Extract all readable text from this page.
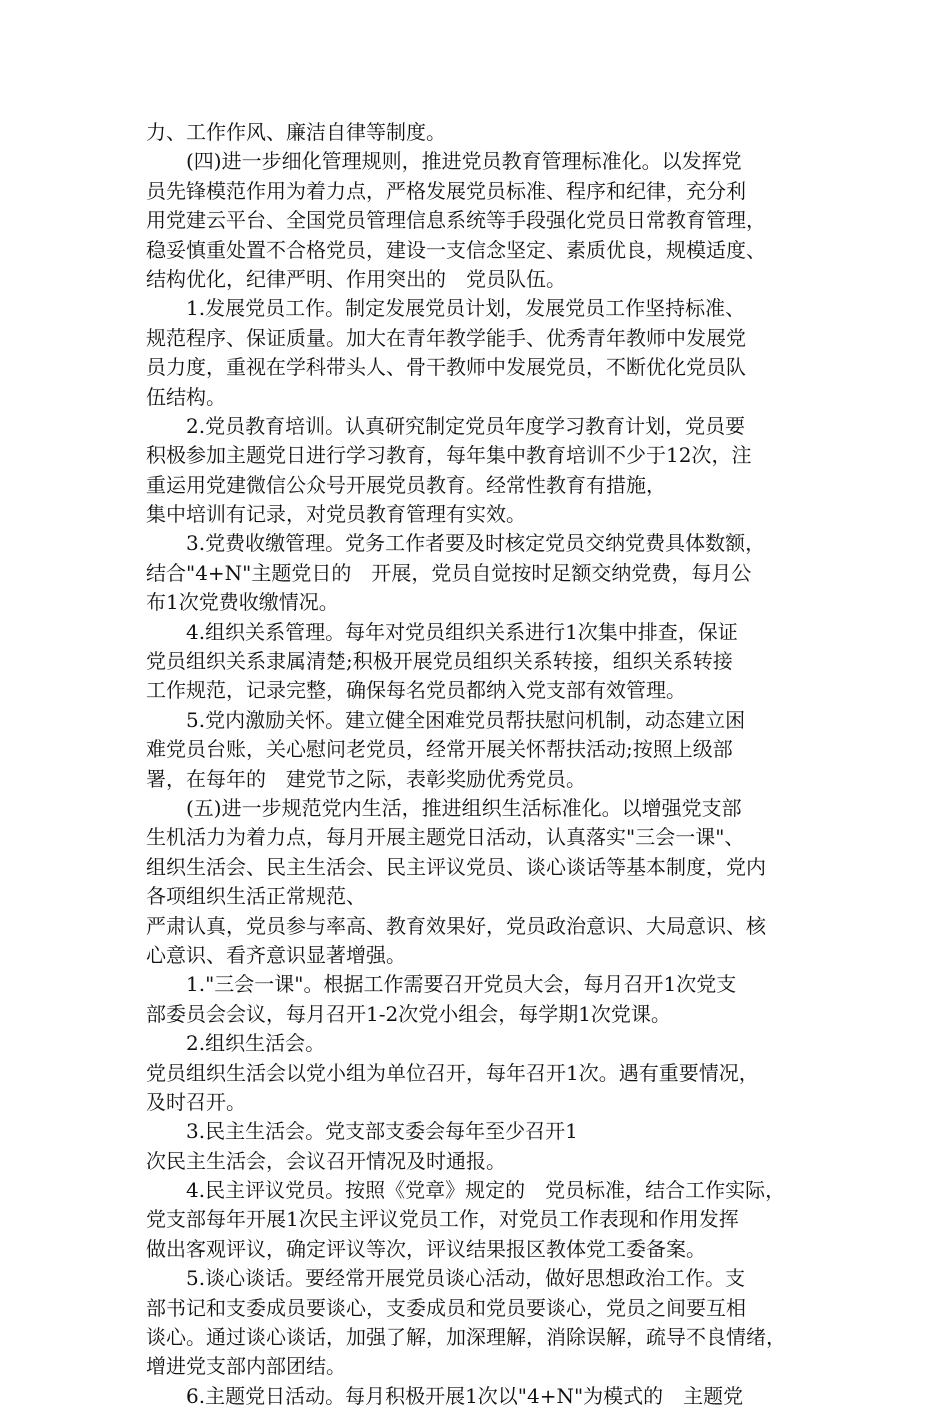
力、工作作风、廉洁自律等制度。
(四)进一步细化管理规则，推进党员教育管理标准化。以发挥党
员先锋模范作用为着力点，严格发展党员标准、程序和纪律，充分利
用党建云平台、全国党员管理信息系统等手段强化党员日常教育管理，
稳妥慎重处置不合格党员，建设一支信念坚定、素质优良，规模适度、
结构优化，纪律严明、作用突出的　党员队伍。
1.发展党员工作。制定发展党员计划，发展党员工作坚持标准、
规范程序、保证质量。加大在青年教学能手、优秀青年教师中发展党
员力度，重视在学科带头人、骨干教师中发展党员，不断优化党员队
伍结构。
2.党员教育培训。认真研究制定党员年度学习教育计划，党员要
积极参加主题党日进行学习教育，每年集中教育培训不少于12次，注
重运用党建微信公众号开展党员教育。经常性教育有措施，
集中培训有记录，对党员教育管理有实效。
3.党费收缴管理。党务工作者要及时核定党员交纳党费具体数额，
结合"4+N"主题党日的　开展，党员自觉按时足额交纳党费，每月公
布1次党费收缴情况。
4.组织关系管理。每年对党员组织关系进行1次集中排查，保证
党员组织关系隶属清楚;积极开展党员组织关系转接，组织关系转接
工作规范，记录完整，确保每名党员都纳入党支部有效管理。
5.党内激励关怀。建立健全困难党员帮扶慰问机制，动态建立困
难党员台账，关心慰问老党员，经常开展关怀帮扶活动;按照上级部
署，在每年的　建党节之际，表彰奖励优秀党员。
(五)进一步规范党内生活，推进组织生活标准化。以增强党支部
生机活力为着力点，每月开展主题党日活动，认真落实"三会一课"、
组织生活会、民主生活会、民主评议党员、谈心谈话等基本制度，党内
各项组织生活正常规范、
严肃认真，党员参与率高、教育效果好，党员政治意识、大局意识、核
心意识、看齐意识显著增强。
1."三会一课"。根据工作需要召开党员大会，每月召开1次党支
部委员会会议，每月召开1-2次党小组会，每学期1次党课。
2.组织生活会。
党员组织生活会以党小组为单位召开，每年召开1次。遇有重要情况，
及时召开。
3.民主生活会。党支部支委会每年至少召开1
次民主生活会，会议召开情况及时通报。
4.民主评议党员。按照《党章》规定的　党员标准，结合工作实际，
党支部每年开展1次民主评议党员工作，对党员工作表现和作用发挥
做出客观评议，确定评议等次，评议结果报区教体党工委备案。
5.谈心谈话。要经常开展党员谈心活动，做好思想政治工作。支
部书记和支委成员要谈心，支委成员和党员要谈心，党员之间要互相
谈心。通过谈心谈话，加强了解，加深理解，消除误解，疏导不良情绪，
增进党支部内部团结。
6.主题党日活动。每月积极开展1次以"4+N"为模式的　主题党
